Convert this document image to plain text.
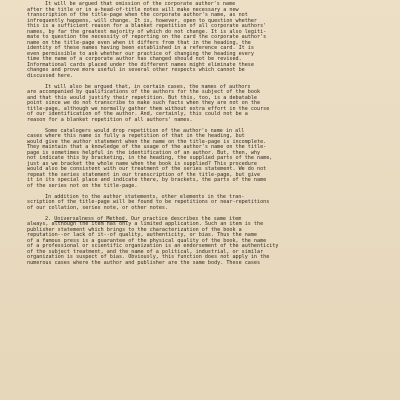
It will be argued that omission of the corporate author's name
after the title or in a-head-of-title notes will make necessary a new
transcription of the title-page when the corporate author's name, as not
infrequently happens, will change. It is, however, open to question whether
this is a sufficient reason for a blanket repetition of all corporate authors'
names, by far the greatest majority of which do not change. It is also legiti-
mate to question the necessity of reporting on the card the corporate author's
name on the title-page even when it differs from that in the heading, the
identity of these names having been established in a reference card. It is
even permissible to ask whether our practice of changing the heading every
time the name of a corporate author has changed should not be revised.
Informational cards placed under the different names might eliminate these
changes and prove more useful in several other respects which cannot be
discussed here.
It will also be argued that, in certain cases, the names of authors
are accompanied by qualifications of the authors for the subject of the book
and that this would justify their repetition. But this, too, is a debatable
point since we do not transcribe to make such facts when they are not on the
title-page, although we normally gather them without extra effort in the course
of our identification of the author. And, certainly, this could not be a
reason for a blanket repetition of all authors' names.
Some catalogers would drop repetition of the author's name in all
cases where this name is fully a repetition of that in the heading, but
would give the author statement when the name on the title-page is incomplete.
They maintain that a knowledge of the usage of the author's name on the title-
page is sometimes helpful in the identification of an author. But, then, why
not indicate this by bracketing, in the heading, the supplied parts of the name,
just as we bracket the whole name when the book is supplied? This procedure
would also be consistent with our treatment of the series statement. We do not
repeat the series statement in our transcription of the title-page, but give
it in its special place and indicate there, by brackets, the parts of the name
of the series not on the title-page.
In addition to the author statements, other elements in the tran-
scription of the title-page will be found to be repetitions or near-repetitions
of our collation, series note, or other notes.
2. Universalness of Method. Our practice describes the same item
always, although the item has only a limited application. Such an item is the
publisher statement which brings to the characterization of the book a
reputation--or lack of it--of quality, authenticity, or bias. Thus the name
of a famous press is a guarantee of the physical quality of the book, the name
of a professional or scientific organization is an endorsement of the authenticity
of the subject treatment, and the name of a political, industrial, or similar
organization is suspect of bias. Obviously, this function does not apply in the
numerous cases where the author and publisher are the same body. These cases
